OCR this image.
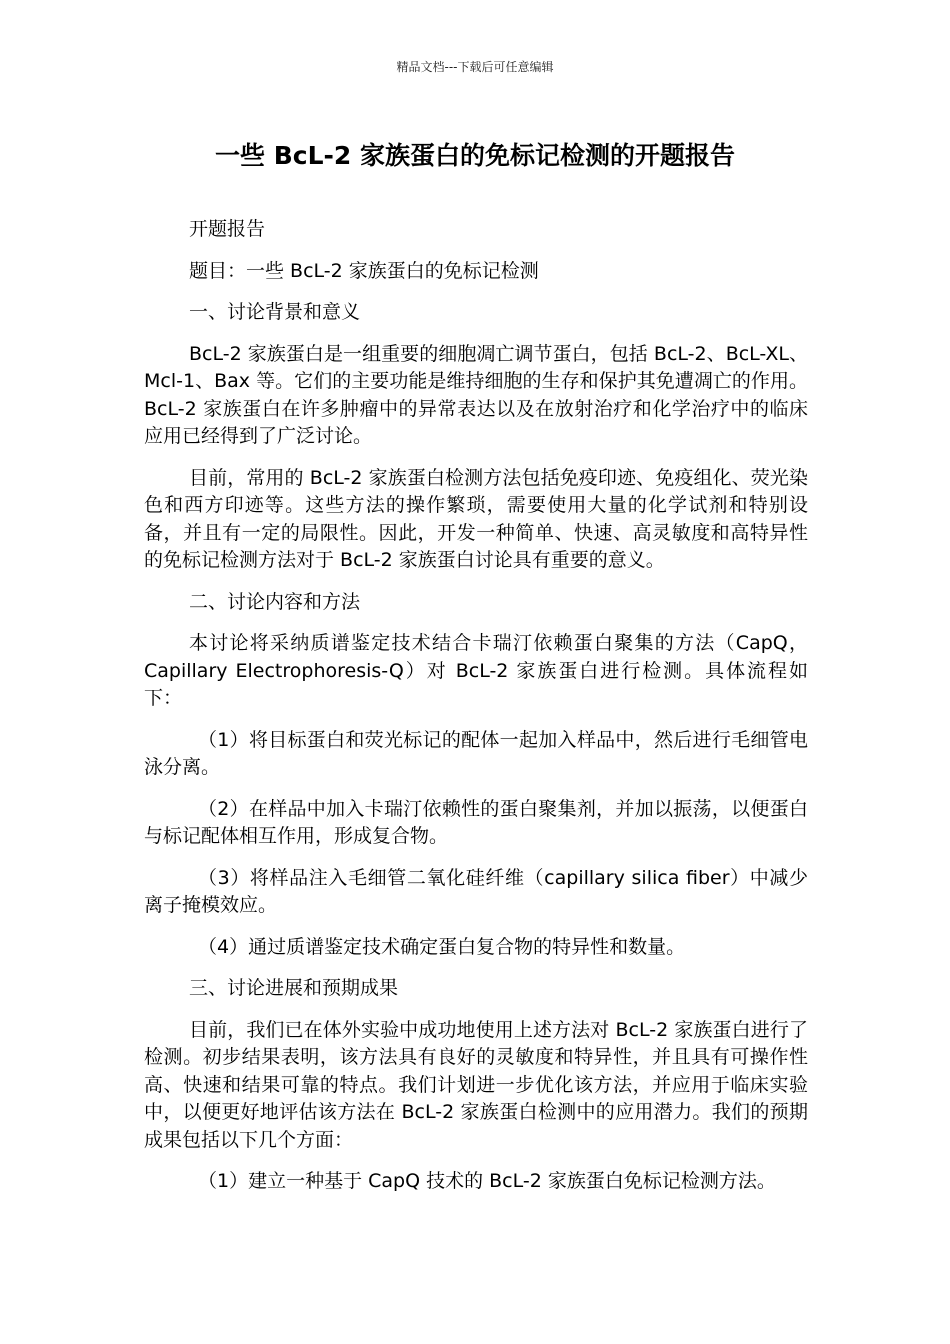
精品文档---下载后可任意编辑
一些 BcL-2 家族蛋白的免标记检测的开题报告

开题报告

题目：一些 BcL-2 家族蛋白的免标记检测

一、讨论背景和意义

BcL-2 家族蛋白是一组重要的细胞凋亡调节蛋白，包括 BcL-2、BcL-XL、Mcl-1、Bax 等。它们的主要功能是维持细胞的生存和保护其免遭凋亡的作用。BcL-2 家族蛋白在许多肿瘤中的异常表达以及在放射治疗和化学治疗中的临床应用已经得到了广泛讨论。

目前，常用的 BcL-2 家族蛋白检测方法包括免疫印迹、免疫组化、荧光染色和西方印迹等。这些方法的操作繁琐，需要使用大量的化学试剂和特别设备，并且有一定的局限性。因此，开发一种简单、快速、高灵敏度和高特异性的免标记检测方法对于 BcL-2 家族蛋白讨论具有重要的意义。

二、讨论内容和方法

本讨论将采纳质谱鉴定技术结合卡瑞汀依赖蛋白聚集的方法（CapQ，Capillary Electrophoresis-Q）对 BcL-2 家族蛋白进行检测。具体流程如下：

（1）将目标蛋白和荧光标记的配体一起加入样品中，然后进行毛细管电泳分离。

（2）在样品中加入卡瑞汀依赖性的蛋白聚集剂，并加以振荡，以便蛋白与标记配体相互作用，形成复合物。

（3）将样品注入毛细管二氧化硅纤维（capillary silica fiber）中减少离子掩模效应。

（4）通过质谱鉴定技术确定蛋白复合物的特异性和数量。

三、讨论进展和预期成果

目前，我们已在体外实验中成功地使用上述方法对 BcL-2 家族蛋白进行了检测。初步结果表明，该方法具有良好的灵敏度和特异性，并且具有可操作性高、快速和结果可靠的特点。我们计划进一步优化该方法，并应用于临床实验中，以便更好地评估该方法在 BcL-2 家族蛋白检测中的应用潜力。我们的预期成果包括以下几个方面：

（1）建立一种基于 CapQ 技术的 BcL-2 家族蛋白免标记检测方法。
